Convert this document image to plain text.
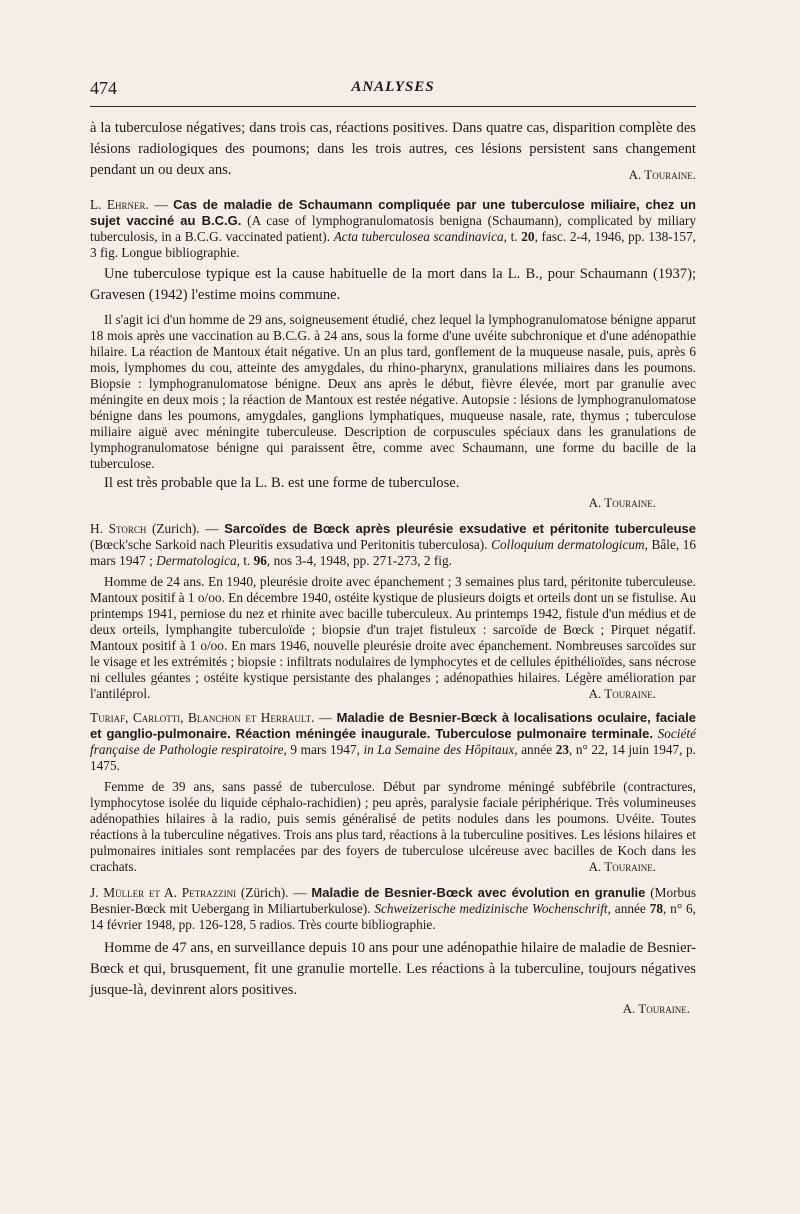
474	ANALYSES

à la tuberculose négatives; dans trois cas, réactions positives. Dans quatre cas, disparition complète des lésions radiologiques des poumons; dans les trois autres, ces lésions persistent sans changement pendant un ou deux ans.	A. Touraine.

L. Ehrner. — Cas de maladie de Schaumann compliquée par une tuberculose miliaire, chez un sujet vacciné au B.C.G. (A case of lymphogranulomatosis benigna (Schaumann), complicated by miliary tuberculosis, in a B.C.G. vaccinated patient). Acta tuberculosea scandinavica, t. 20, fasc. 2-4, 1946, pp. 138-157, 3 fig. Longue bibliographie.

Une tuberculose typique est la cause habituelle de la mort dans la L. B., pour Schaumann (1937); Gravesen (1942) l'estime moins commune.

Il s'agit ici d'un homme de 29 ans, soigneusement étudié, chez lequel la lymphogranulomatose bénigne apparut 18 mois après une vaccination au B.C.G. à 24 ans, sous la forme d'une uvéite subchronique et d'une adénopathie hilaire. La réaction de Mantoux était négative. Un an plus tard, gonflement de la muqueuse nasale, puis, après 6 mois, lymphomes du cou, atteinte des amygdales, du rhino-pharynx, granulations miliaires dans les poumons. Biopsie : lymphogranulomatose bénigne. Deux ans après le début, fièvre élevée, mort par granulie avec méningite en deux mois ; la réaction de Mantoux est restée négative. Autopsie : lésions de lymphogranulomatose bénigne dans les poumons, amygdales, ganglions lymphatiques, muqueuse nasale, rate, thymus ; tuberculose miliaire aiguë avec méningite tuberculeuse. Description de corpuscules spéciaux dans les granulations de lymphogranulomatose bénigne qui paraissent être, comme avec Schaumann, une forme du bacille de la tuberculose.

Il est très probable que la L. B. est une forme de tuberculose.

A. Touraine.

H. Storch (Zurich). — Sarcoïdes de Bœck après pleurésie exsudative et péritonite tuberculeuse (Bœck'sche Sarkoid nach Pleuritis exsudativa und Peritonitis tuberculosa). Colloquium dermatologicum, Bâle, 16 mars 1947 ; Dermatologica, t. 96, nos 3-4, 1948, pp. 271-273, 2 fig.

Homme de 24 ans. En 1940, pleurésie droite avec épanchement ; 3 semaines plus tard, péritonite tuberculeuse. Mantoux positif à 1 o/oo. En décembre 1940, ostéite kystique de plusieurs doigts et orteils dont un se fistulise. Au printemps 1941, perniose du nez et rhinite avec bacille tuberculeux. Au printemps 1942, fistule d'un médius et de deux orteils, lymphangite tuberculoïde ; biopsie d'un trajet fistuleux : sarcoïde de Bœck ; Pirquet négatif. Mantoux positif à 1 o/oo. En mars 1946, nouvelle pleurésie droite avec épanchement. Nombreuses sarcoïdes sur le visage et les extrémités ; biopsie : infiltrats nodulaires de lymphocytes et de cellules épithélioïdes, sans nécrose ni cellules géantes ; ostéite kystique persistante des phalanges ; adénopathies hilaires. Légère amélioration par l'antiléprol.	A. Touraine.

Turiaf, Carlotti, Blanchon et Herrault. — Maladie de Besnier-Bœck à localisations oculaire, faciale et ganglio-pulmonaire. Réaction méningée inaugurale. Tuberculose pulmonaire terminale. Société française de Pathologie respiratoire, 9 mars 1947, in La Semaine des Hôpitaux, année 23, n° 22, 14 juin 1947, p. 1475.

Femme de 39 ans, sans passé de tuberculose. Début par syndrome méningé subfébrile (contractures, lymphocytose isolée du liquide céphalo-rachidien) ; peu après, paralysie faciale périphérique. Très volumineuses adénopathies hilaires à la radio, puis semis généralisé de petits nodules dans les poumons. Uvéite. Toutes réactions à la tuberculine négatives. Trois ans plus tard, réactions à la tuberculine positives. Les lésions hilaires et pulmonaires initiales sont remplacées par des foyers de tuberculose ulcéreuse avec bacilles de Koch dans les crachats.	A. Touraine.

J. Müller et A. Petrazzini (Zürich). — Maladie de Besnier-Bœck avec évolution en granulie (Morbus Besnier-Bœck mit Uebergang in Miliartuberkulose). Schweizerische medizinische Wochenschrift, année 78, n° 6, 14 février 1948, pp. 126-128, 5 radios. Très courte bibliographie.

Homme de 47 ans, en surveillance depuis 10 ans pour une adénopathie hilaire de maladie de Besnier-Bœck et qui, brusquement, fit une granulie mortelle. Les réactions à la tuberculine, toujours négatives jusque-là, devinrent alors positives.

A. Touraine.
